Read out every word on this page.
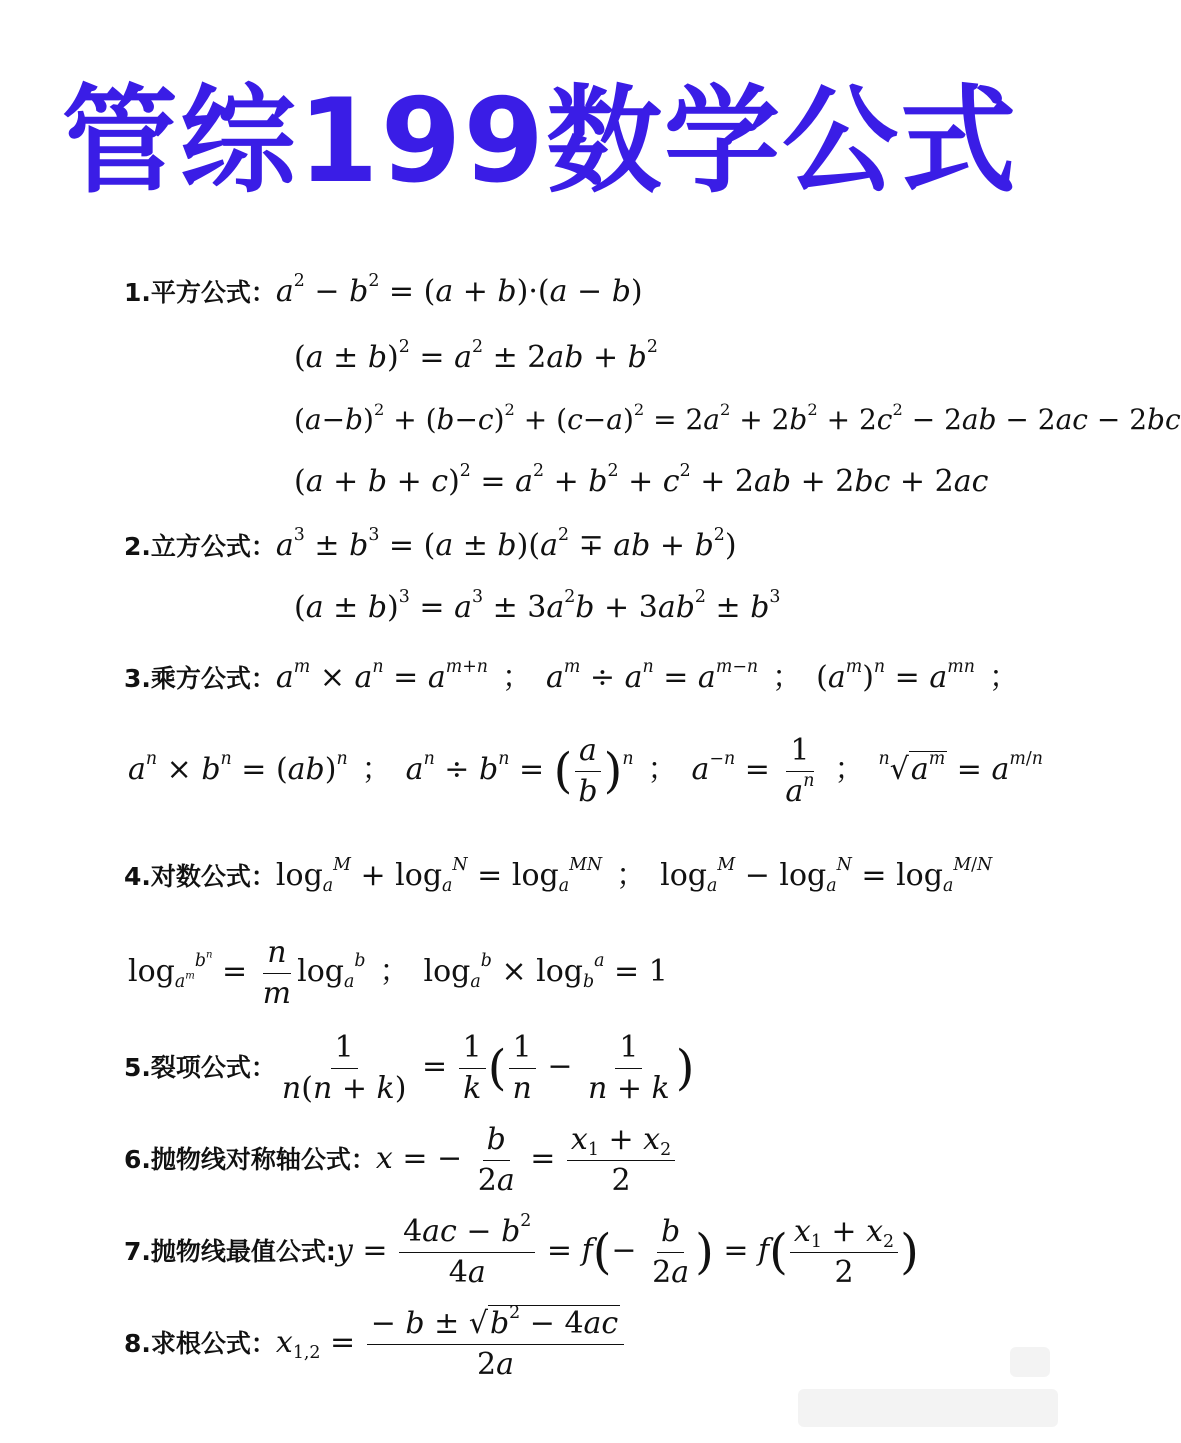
管综199数学公式
1.平方公式：$a^2 - b^2 = (a + b)\cdot(a - b)$
$(a \pm b)^2 = a^2 \pm 2ab + b^2$
$(a-b)^2 + (b-c)^2 + (c-a)^2 = 2a^2 + 2b^2 + 2c^2 - 2ab - 2ac - 2bc$
$(a + b + c)^2 = a^2 + b^2 + c^2 + 2ab + 2bc + 2ac$
2.立方公式：$a^3 \pm b^3 = (a \pm b)(a^2$ ∓ ab + $b^2$)
$(a \pm b)^3 = a^3 \pm 3a^2b + 3ab^2 \pm b^3$
3.乘方公式：$a^m \times a^n = a^{m+n}$ ； $a^m \div a^n = a^{m-n}$ ； $(a^m)^n = a^{mn}$ ；
$a^n \times b^n = (ab)^n$ ； $a^n \div b^n$ = ( $\frac{a}{b} )^n$ ； $a^{-n} = \frac{1}{a^n}$ ； $^n√a^m = a^{m/n}$
4.对数公式：$\log_a^M + \log_a^N = \log_a^{MN}$ ； $\log_a^M - \log_a^N = \log_a^{M/N}$
$\log_{a^m}^{b^n} = \frac{n}{m} \log_a^b$ ； $\log_a^b \times \log_b^a = 1$
5.裂项公式： $\frac{1}{n(n + k)} = \frac{1}{k}$ ( $\frac{1}{n} - \frac{1}{n + k}$ )
6.抛物线对称轴公式：x = − $\frac{b}{2a} = \frac{x_1 + x_2}{2}$
7.抛物线最值公式:y = $\frac{4ac - b^2}{4a} = f(- \frac{b}{2a}$ ) = $f( \frac{x_1 + x_2}{2}$ )
8.求根公式：$x_{1,2} = \frac{- b \pm √b^2 - 4ac}{2a}$
